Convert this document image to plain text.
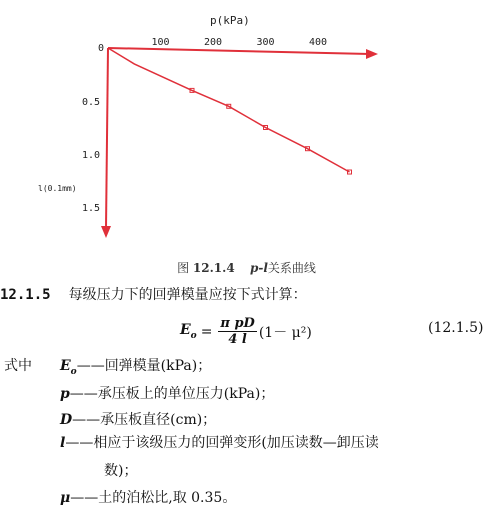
p(kPa)
0
100	200	300	400
0.5
1.0
1.5
l(0.1mm)
图 12.1.4 p-l关系曲线
12.1.5 每级压力下的回弹模量应按下式计算：
$E_o = \frac{\text{π pD}}{4 l} (1- \mu^2)$	(12.1.5)
式中 $E_o——$回弹模量(kPa)；
p——承压板上的单位压力(kPa)；
D——承压板直径(cm)；
l——相应于该级压力的回弹变形(加压读数—卸压读
数)；
μ——土的泊松比,取 0.35。
